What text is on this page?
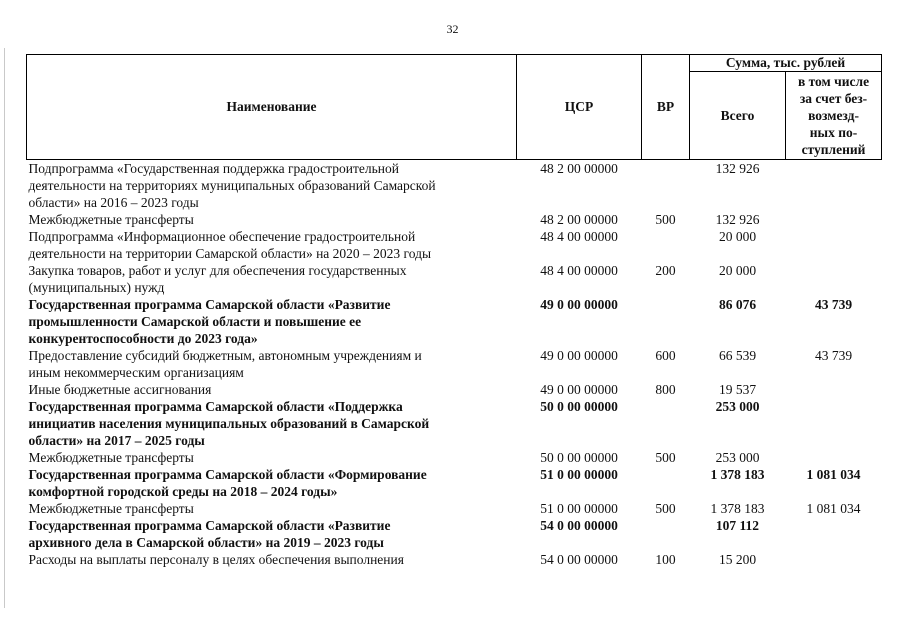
32
Наименование	ЦСР	ВР	Сумма, тыс. рублей	
			Всего	в том числе
за счет без-
возмезд-
ных по-
ступлений

Подпрограмма «Государственная поддержка градостроительной
деятельности на территориях муниципальных образований Самарской
области» на 2016 – 2023 годы	48 2 00 00000		132 926	

Межбюджетные трансферты	48 2 00 00000	500	132 926	

Подпрограмма «Информационное обеспечение градостроительной
деятельности на территории Самарской области» на 2020 – 2023 годы	48 4 00 00000		20 000	

Закупка товаров, работ и услуг для обеспечения государственных
(муниципальных) нужд	48 4 00 00000	200	20 000	

Государственная программа Самарской области «Развитие
промышленности Самарской области и повышение ее
конкурентоспособности до 2023 года»	49 0 00 00000		86 076	43 739

Предоставление субсидий бюджетным, автономным учреждениям и
иным некоммерческим организациям	49 0 00 00000	600	66 539	43 739

Иные бюджетные ассигнования	49 0 00 00000	800	19 537	

Государственная программа Самарской области «Поддержка
инициатив населения муниципальных образований в Самарской
области» на 2017 – 2025 годы	50 0 00 00000		253 000	

Межбюджетные трансферты	50 0 00 00000	500	253 000	

Государственная программа Самарской области «Формирование
комфортной городской среды на 2018 – 2024 годы»	51 0 00 00000		1 378 183	1 081 034

Межбюджетные трансферты	51 0 00 00000	500	1 378 183	1 081 034

Государственная программа Самарской области «Развитие
архивного дела в Самарской области» на 2019 – 2023 годы	54 0 00 00000		107 112	

Расходы на выплаты персоналу в целях обеспечения выполнения	54 0 00 00000	100	15 200	
